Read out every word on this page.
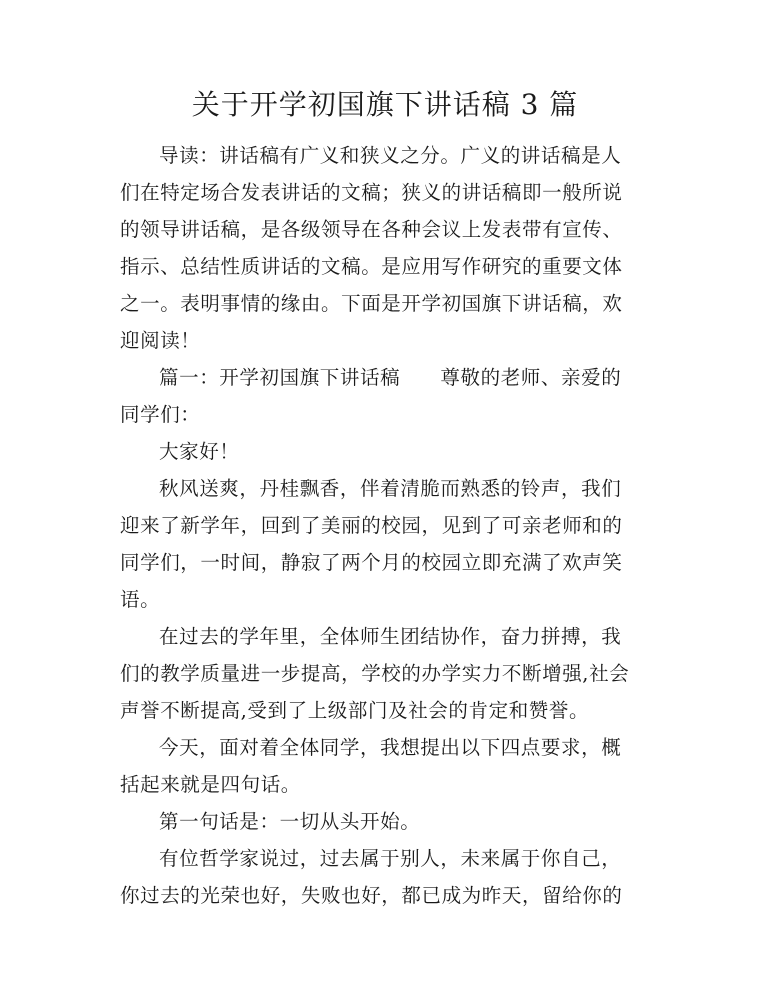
关于开学初国旗下讲话稿 3 篇
导读：讲话稿有广义和狭义之分。广义的讲话稿是人
们在特定场合发表讲话的文稿；狭义的讲话稿即一般所说
的领导讲话稿，是各级领导在各种会议上发表带有宣传、
指示、总结性质讲话的文稿。是应用写作研究的重要文体
之一。表明事情的缘由。下面是开学初国旗下讲话稿，欢
迎阅读！
篇一：开学初国旗下讲话稿　　尊敬的老师、亲爱的
同学们：
大家好！
秋风送爽，丹桂飘香，伴着清脆而熟悉的铃声，我们
迎来了新学年，回到了美丽的校园，见到了可亲老师和的
同学们，一时间，静寂了两个月的校园立即充满了欢声笑
语。
在过去的学年里，全体师生团结协作，奋力拼搏，我
们的教学质量进一步提高，学校的办学实力不断增强,社会
声誉不断提高,受到了上级部门及社会的肯定和赞誉。
今天，面对着全体同学，我想提出以下四点要求，概
括起来就是四句话。
第一句话是：一切从头开始。
有位哲学家说过，过去属于别人，未来属于你自己，
你过去的光荣也好，失败也好，都已成为昨天，留给你的
